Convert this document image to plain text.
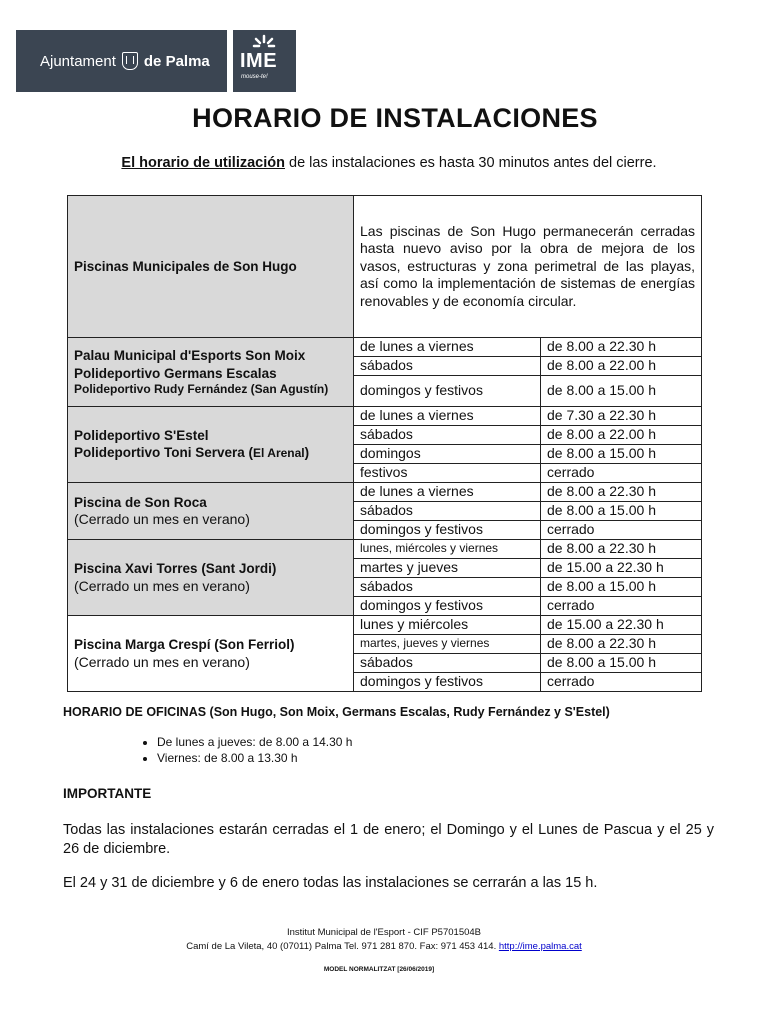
Ajuntament de Palma IME
mouse-te!
HORARIO DE INSTALACIONES
El horario de utilización de las instalaciones es hasta 30 minutos antes del cierre.
Piscinas Municipales de Son Hugo	Las piscinas de Son Hugo permanecerán cerradas hasta nuevo aviso por la obra de mejora de los vasos, estructuras y zona perimetral de las playas, así como la implementación de sistemas de energías renovables y de economía circular.	

Palau Municipal d'Esports Son Moix
Polideportivo Germans Escalas
Polideportivo Rudy Fernández (San Agustín)	de lunes a viernes	de 8.00 a 22.30 h
	sábados	de 8.00 a 22.00 h
	domingos y festivos	de 8.00 a 15.00 h

Polideportivo S'Estel
Polideportivo Toni Servera (El Arenal)	de lunes a viernes	de 7.30 a 22.30 h
	sábados	de 8.00 a 22.00 h
	domingos	de 8.00 a 15.00 h
	festivos	cerrado

Piscina de Son Roca
(Cerrado un mes en verano)	de lunes a viernes	de 8.00 a 22.30 h
	sábados	de 8.00 a 15.00 h
	domingos y festivos	cerrado

Piscina Xavi Torres (Sant Jordi)
(Cerrado un mes en verano)	lunes, miércoles y viernes	de 8.00 a 22.30 h
	martes y jueves	de 15.00 a 22.30 h
	sábados	de 8.00 a 15.00 h
	domingos y festivos	cerrado

Piscina Marga Crespí (Son Ferriol)
(Cerrado un mes en verano)	lunes y miércoles	de 15.00 a 22.30 h
	martes, jueves y viernes	de 8.00 a 22.30 h
	sábados	de 8.00 a 15.00 h
	domingos y festivos	cerrado
HORARIO DE OFICINAS (Son Hugo, Son Moix, Germans Escalas, Rudy Fernández y S'Estel)
• De lunes a jueves: de 8.00 a 14.30 h
• Viernes: de 8.00 a 13.30 h
IMPORTANTE
Todas las instalaciones estarán cerradas el 1 de enero; el Domingo y el Lunes de Pascua y el 25 y 26 de diciembre.
El 24 y 31 de diciembre y 6 de enero todas las instalaciones se cerrarán a las 15 h.
Institut Municipal de l'Esport - CIF P5701504B
Camí de La Vileta, 40 (07011) Palma Tel. 971 281 870. Fax: 971 453 414. http://ime.palma.cat
MODEL NORMALITZAT [26/06/2019]
